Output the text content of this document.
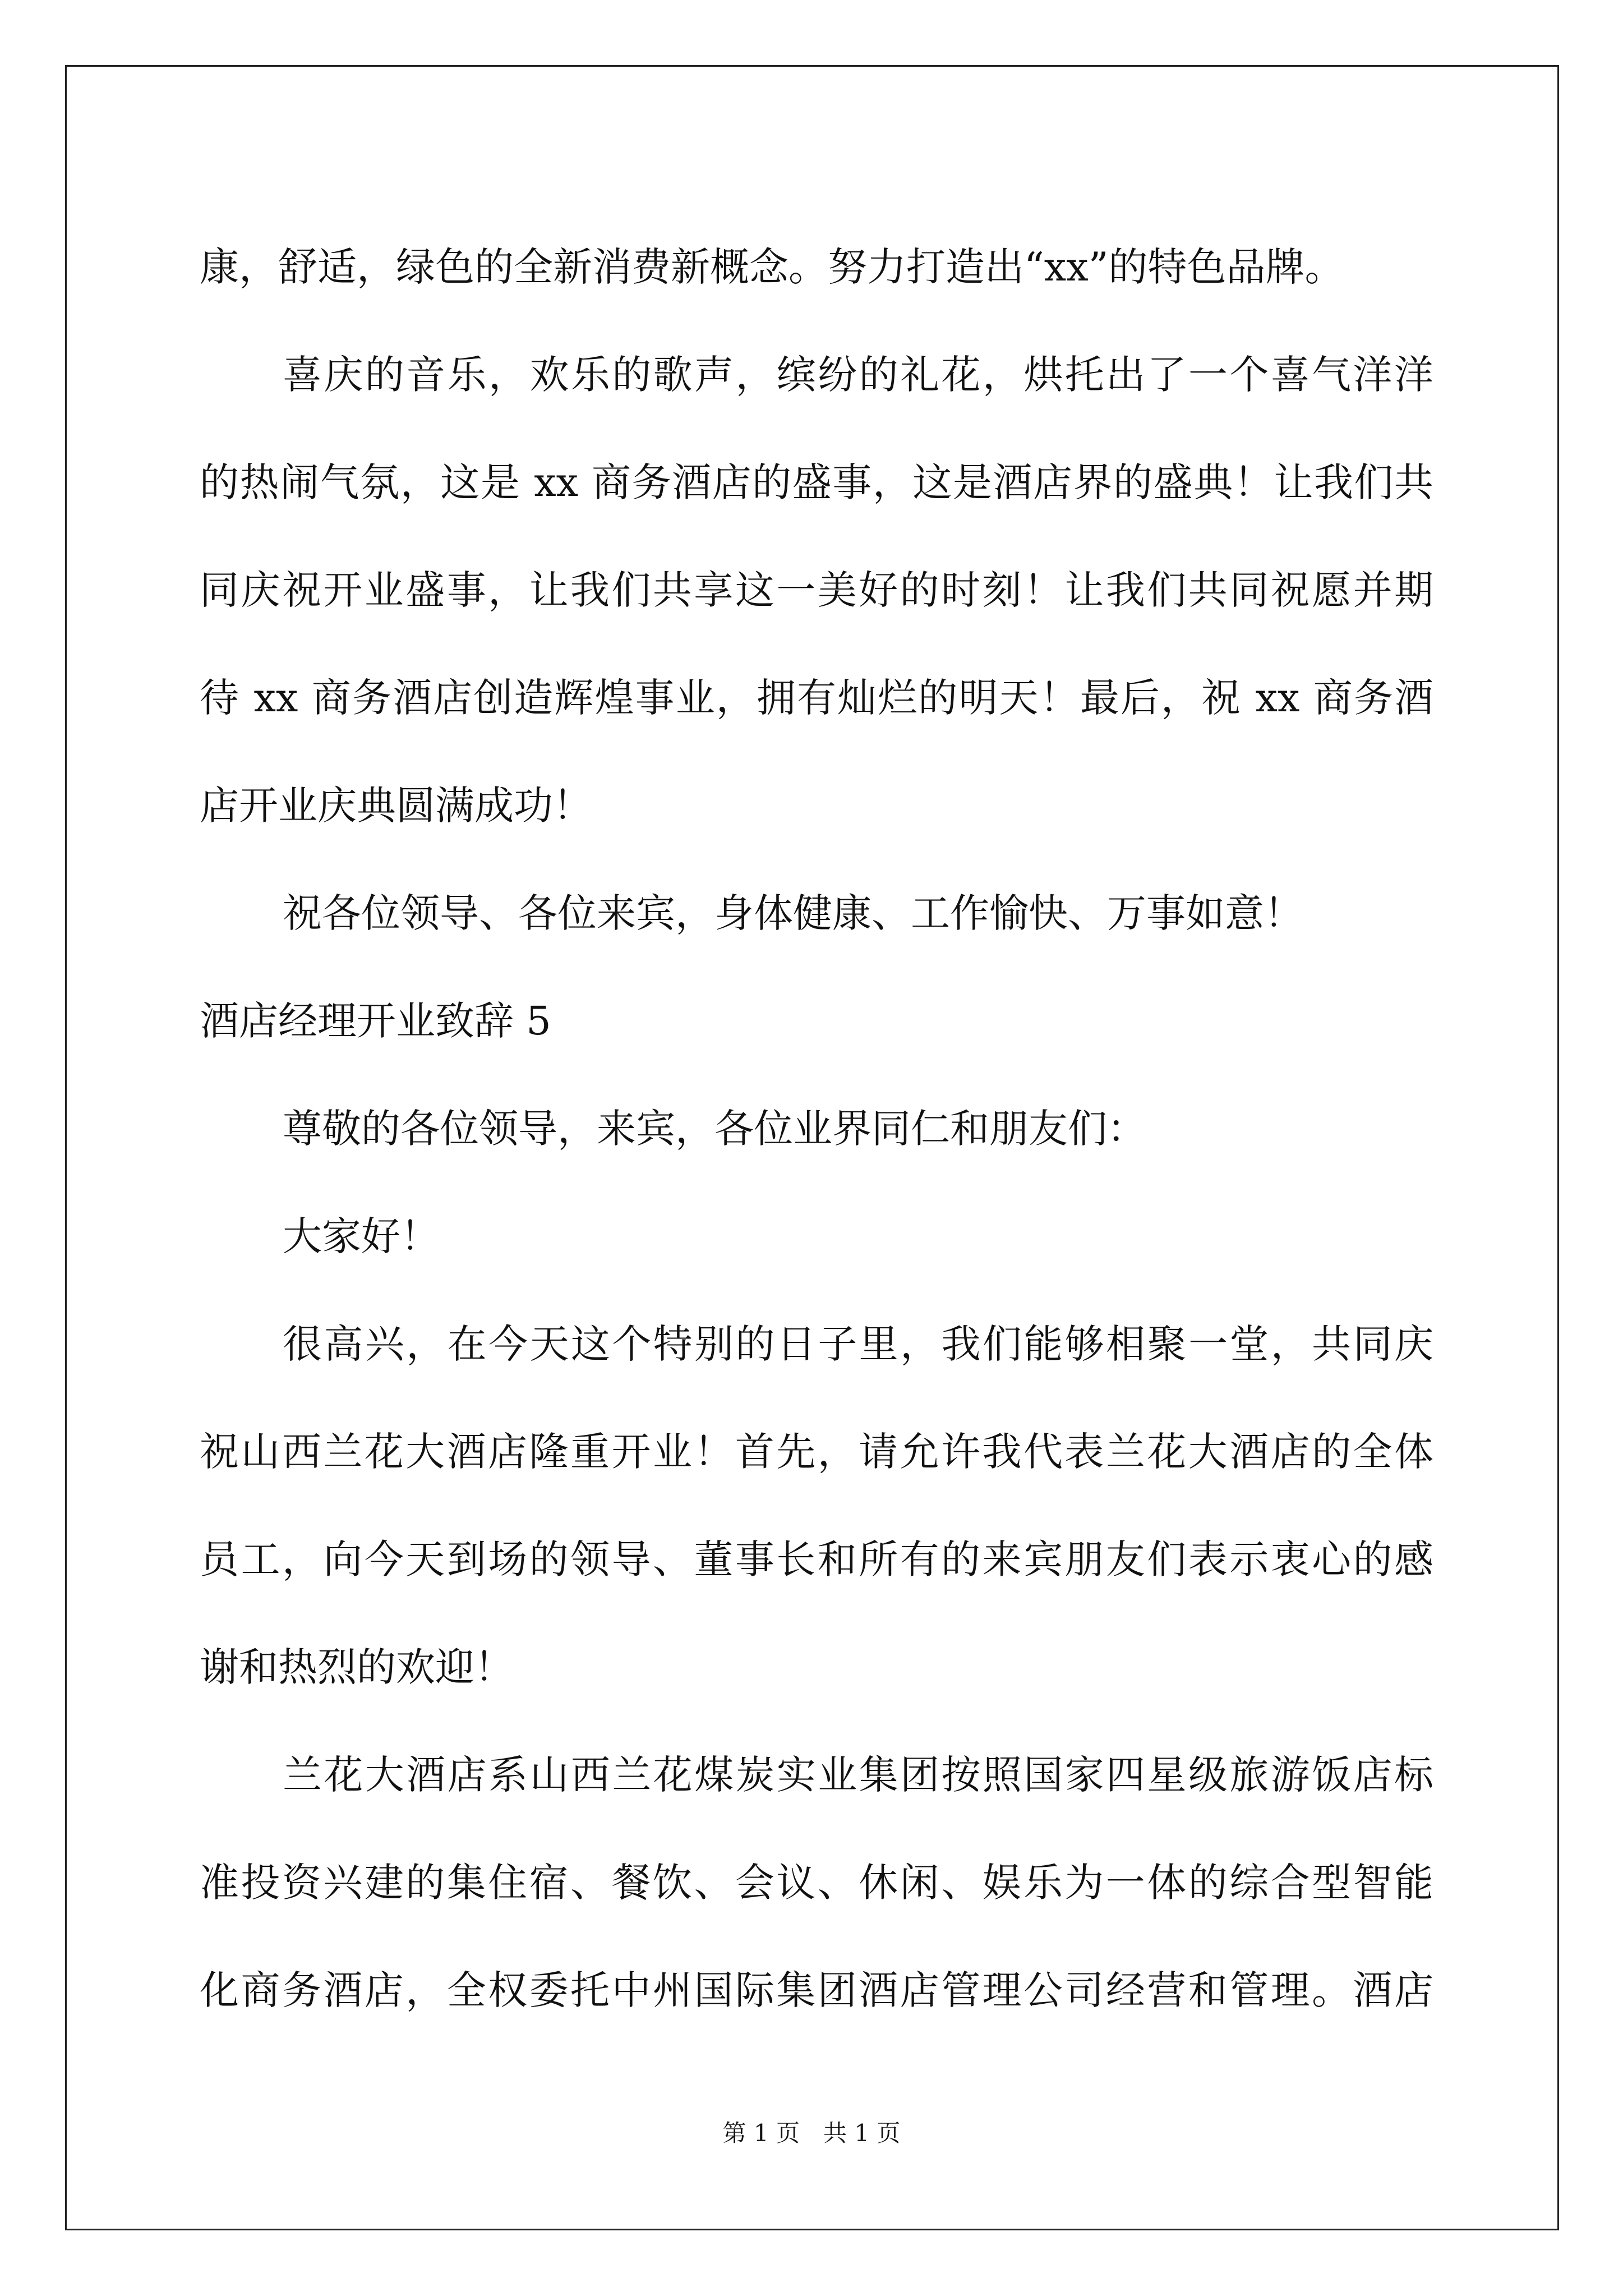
康，舒适，绿色的全新消费新概念。努力打造出“xx”的特色品牌。
喜庆的音乐，欢乐的歌声，缤纷的礼花，烘托出了一个喜气洋洋
的热闹气氛，这是 xx 商务酒店的盛事，这是酒店界的盛典！让我们共
同庆祝开业盛事，让我们共享这一美好的时刻！让我们共同祝愿并期
待 xx 商务酒店创造辉煌事业，拥有灿烂的明天！最后，祝 xx 商务酒
店开业庆典圆满成功！
祝各位领导、各位来宾，身体健康、工作愉快、万事如意！
酒店经理开业致辞 5
尊敬的各位领导，来宾，各位业界同仁和朋友们：
大家好！
很高兴，在今天这个特别的日子里，我们能够相聚一堂，共同庆
祝山西兰花大酒店隆重开业！首先，请允许我代表兰花大酒店的全体
员工，向今天到场的领导、董事长和所有的来宾朋友们表示衷心的感
谢和热烈的欢迎！
兰花大酒店系山西兰花煤炭实业集团按照国家四星级旅游饭店标
准投资兴建的集住宿、餐饮、会议、休闲、娱乐为一体的综合型智能
化商务酒店，全权委托中州国际集团酒店管理公司经营和管理。酒店
第 1 页　共 1 页
